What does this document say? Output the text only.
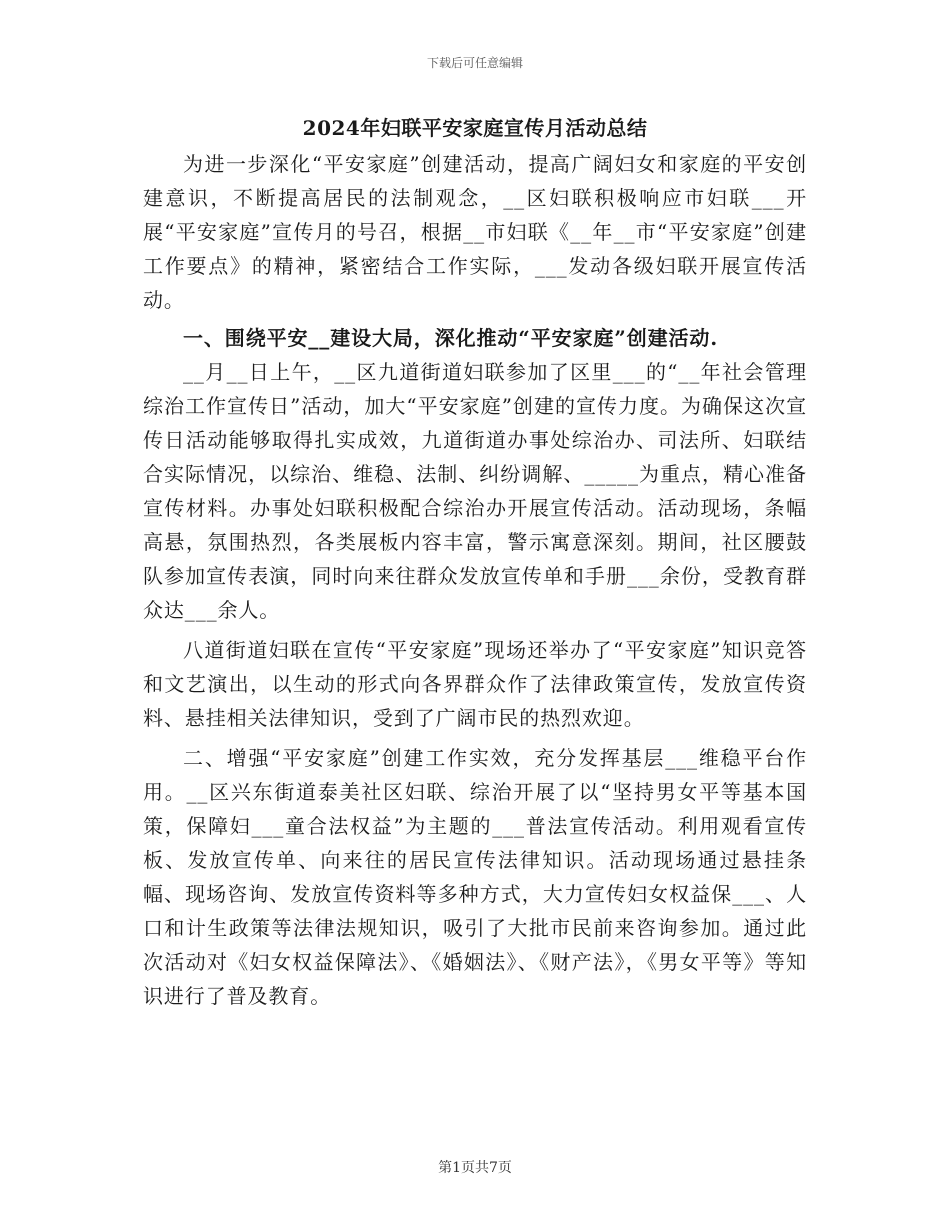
下载后可任意编辑
2024年妇联平安家庭宣传月活动总结

为进一步深化“平安家庭”创建活动，提高广阔妇女和家庭的平安创建意识，不断提高居民的法制观念，__区妇联积极响应市妇联___开展“平安家庭”宣传月的号召，根据__市妇联《__年__市“平安家庭”创建工作要点》的精神，紧密结合工作实际，___发动各级妇联开展宣传活动。

一、围绕平安__建设大局，深化推动“平安家庭”创建活动.

__月__日上午，__区九道街道妇联参加了区里___的“__年社会管理综治工作宣传日”活动，加大“平安家庭”创建的宣传力度。为确保这次宣传日活动能够取得扎实成效，九道街道办事处综治办、司法所、妇联结合实际情况，以综治、维稳、法制、纠纷调解、_____为重点，精心准备宣传材料。办事处妇联积极配合综治办开展宣传活动。活动现场，条幅高悬，氛围热烈，各类展板内容丰富，警示寓意深刻。期间，社区腰鼓队参加宣传表演，同时向来往群众发放宣传单和手册___余份，受教育群众达___余人。

八道街道妇联在宣传“平安家庭”现场还举办了“平安家庭”知识竞答和文艺演出，以生动的形式向各界群众作了法律政策宣传，发放宣传资料、悬挂相关法律知识，受到了广阔市民的热烈欢迎。

二、增强“平安家庭”创建工作实效，充分发挥基层___维稳平台作用。__区兴东街道泰美社区妇联、综治开展了以“坚持男女平等基本国策，保障妇___童合法权益”为主题的___普法宣传活动。利用观看宣传板、发放宣传单、向来往的居民宣传法律知识。活动现场通过悬挂条幅、现场咨询、发放宣传资料等多种方式，大力宣传妇女权益保___、人口和计生政策等法律法规知识，吸引了大批市民前来咨询参加。通过此次活动对《妇女权益保障法》、《婚姻法》、《财产法》，《男女平等》等知识进行了普及教育。

第1页共7页
